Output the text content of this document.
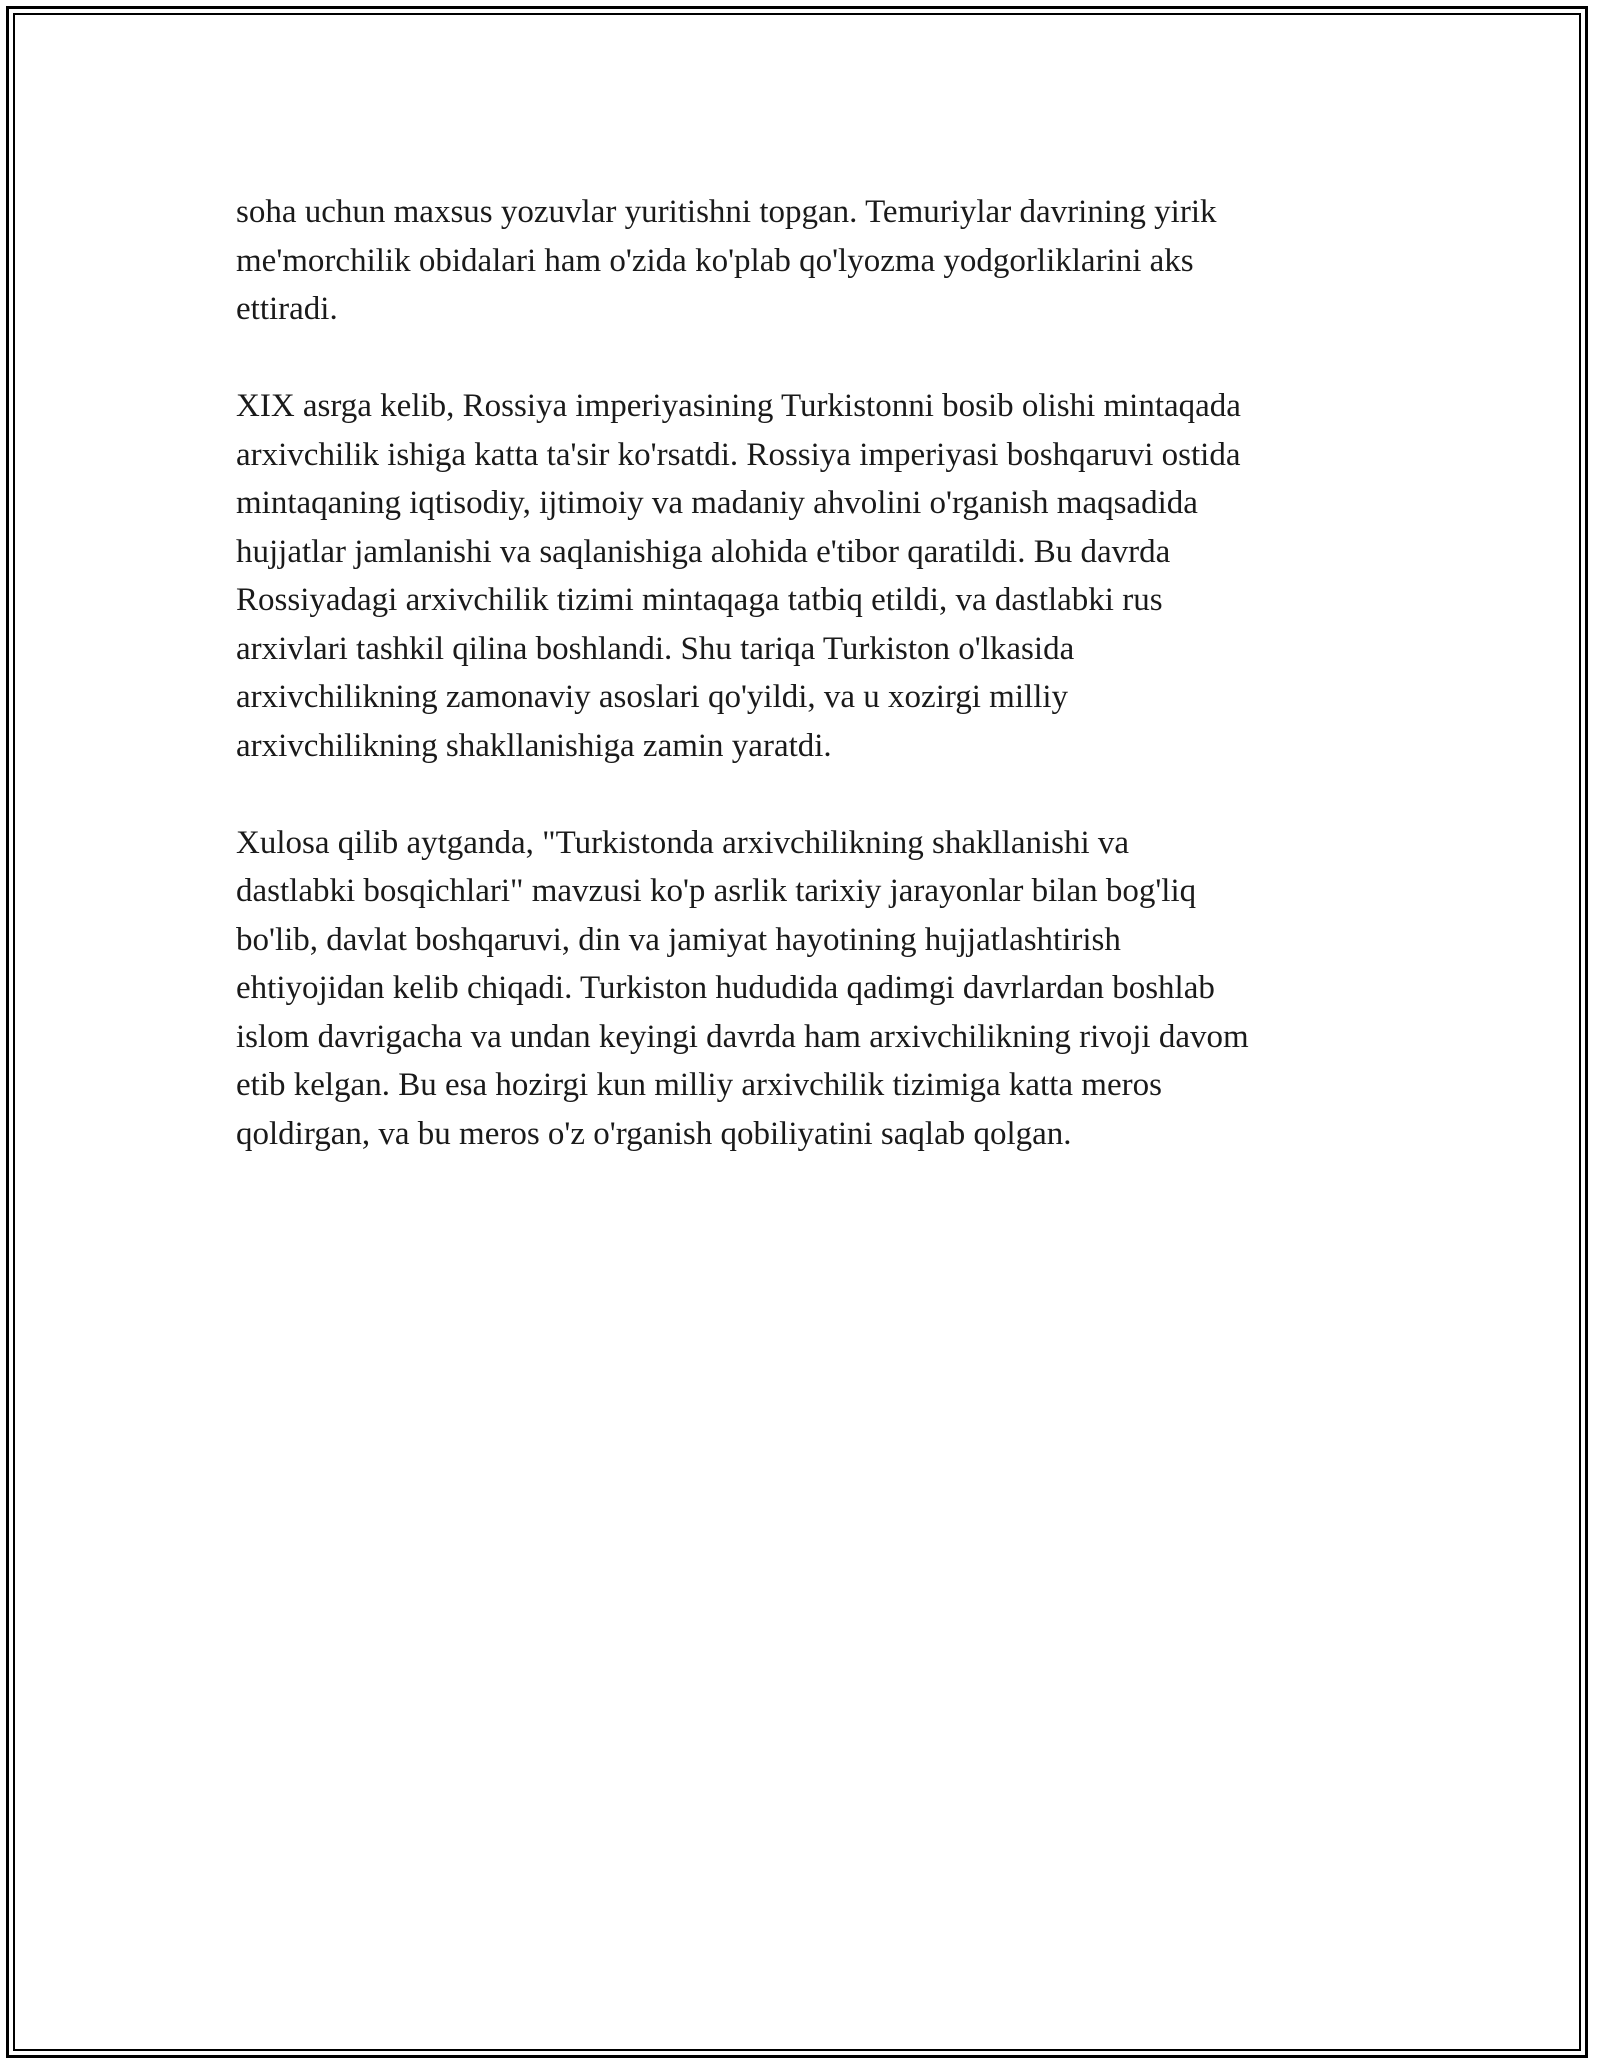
soha uchun maxsus yozuvlar yuritishni topgan. Temuriylar davrining yirik
me'morchilik obidalari ham o'zida ko'plab qo'lyozma yodgorliklarini aks
ettiradi.

XIX asrga kelib, Rossiya imperiyasining Turkistonni bosib olishi mintaqada
arxivchilik ishiga katta ta'sir ko'rsatdi. Rossiya imperiyasi boshqaruvi ostida
mintaqaning iqtisodiy, ijtimoiy va madaniy ahvolini o'rganish maqsadida
hujjatlar jamlanishi va saqlanishiga alohida e'tibor qaratildi. Bu davrda
Rossiyadagi arxivchilik tizimi mintaqaga tatbiq etildi, va dastlabki rus
arxivlari tashkil qilina boshlandi. Shu tariqa Turkiston o'lkasida
arxivchilikning zamonaviy asoslari qo'yildi, va u xozirgi milliy
arxivchilikning shakllanishiga zamin yaratdi.

Xulosa qilib aytganda, "Turkistonda arxivchilikning shakllanishi va
dastlabki bosqichlari" mavzusi ko'p asrlik tarixiy jarayonlar bilan bog'liq
bo'lib, davlat boshqaruvi, din va jamiyat hayotining hujjatlashtirish
ehtiyojidan kelib chiqadi. Turkiston hududida qadimgi davrlardan boshlab
islom davrigacha va undan keyingi davrda ham arxivchilikning rivoji davom
etib kelgan. Bu esa hozirgi kun milliy arxivchilik tizimiga katta meros
qoldirgan, va bu meros o'z o'rganish qobiliyatini saqlab qolgan.
